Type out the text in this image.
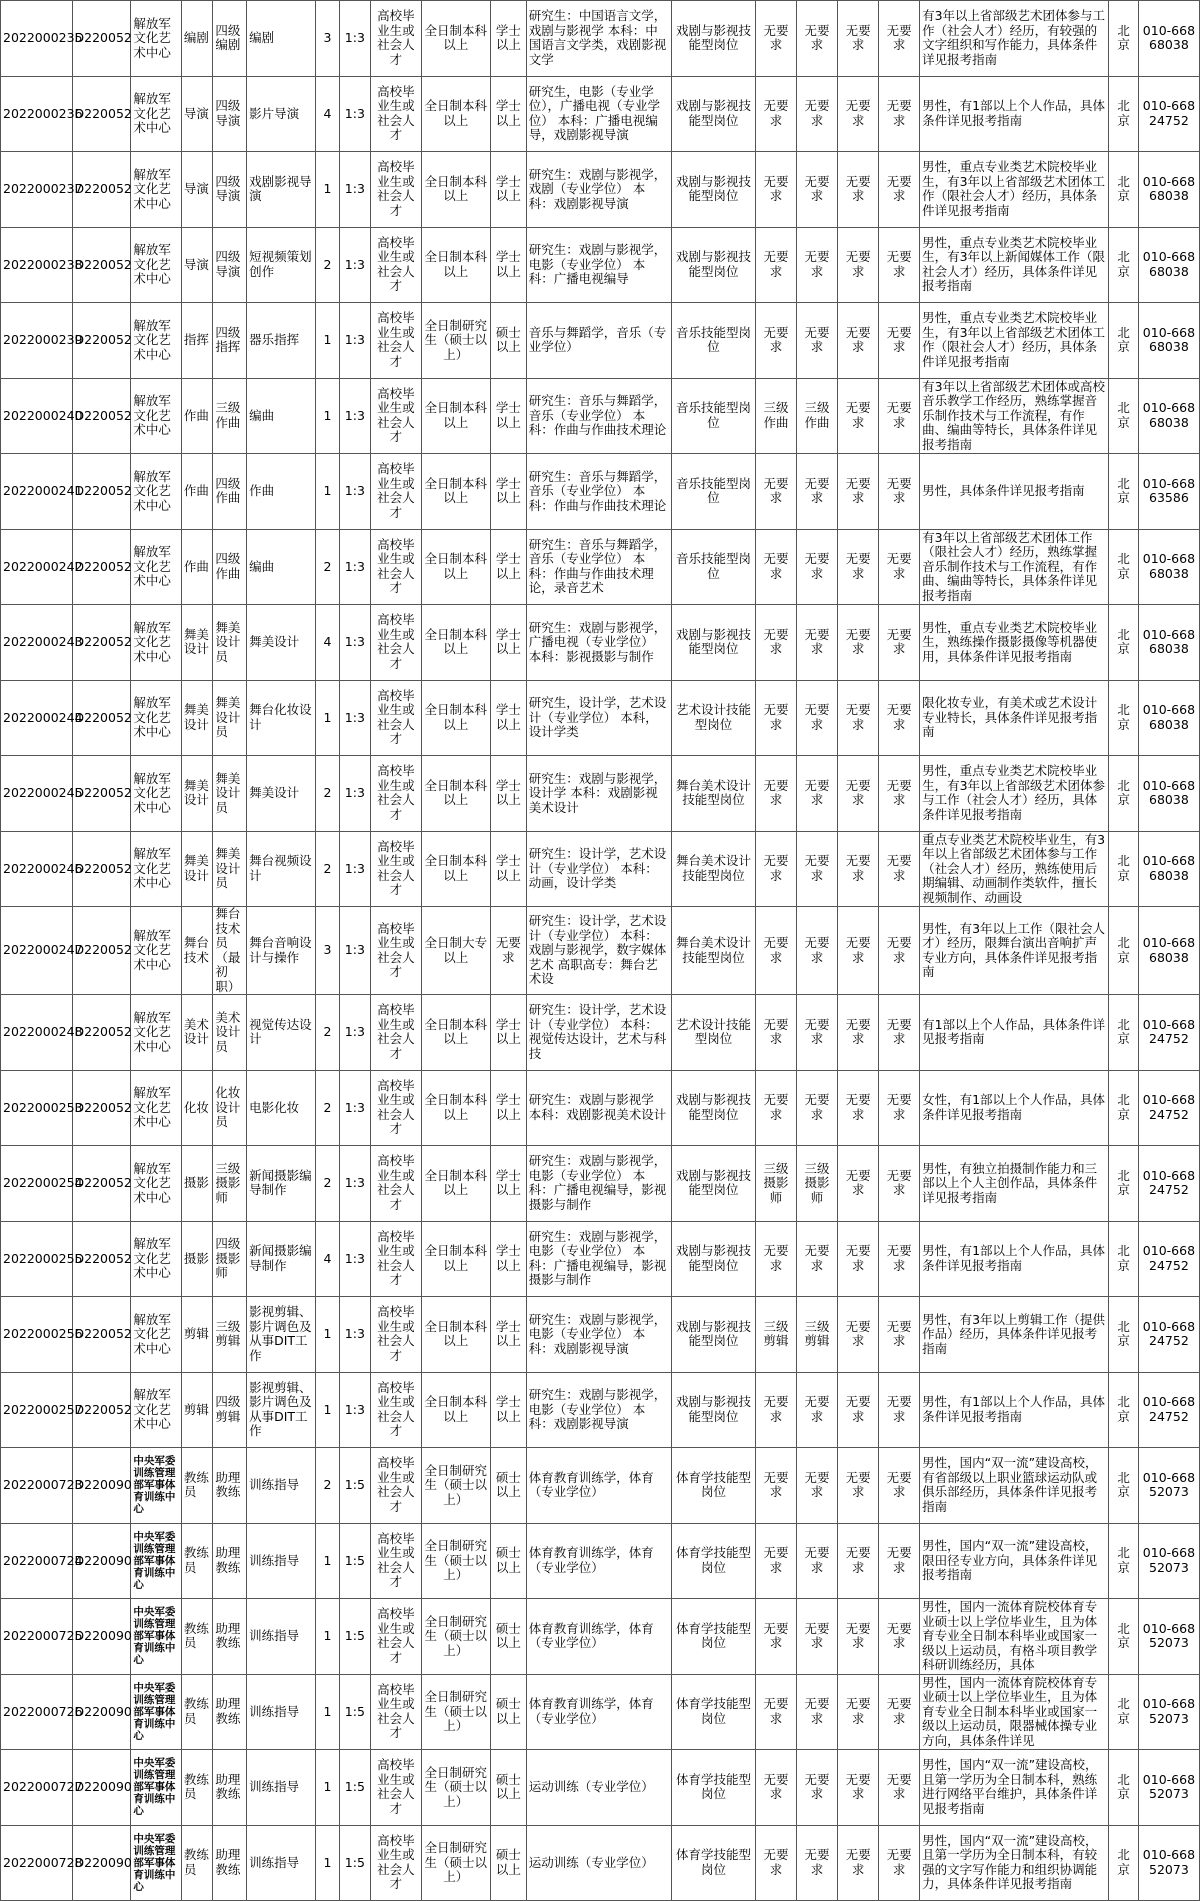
2022000235	D220052	解放军文化艺术中心	编剧	四级编剧	编剧	3	1:3	高校毕业生或社会人才	全日制本科以上	学士以上	研究生：中国语言文学，戏剧与影视学 本科：中国语言文学类，戏剧影视文学	戏剧与影视技能型岗位	无要求	无要求	无要求	无要求	有3年以上省部级艺术团体参与工作（社会人才）经历，有较强的文字组织和写作能力，具体条件详见报考指南	北京	010-66868038
2022000236	D220052	解放军文化艺术中心	导演	四级导演	影片导演	4	1:3	高校毕业生或社会人才	全日制本科以上	学士以上	研究生，电影（专业学位），广播电视（专业学位） 本科：广播电视编导，戏剧影视导演	戏剧与影视技能型岗位	无要求	无要求	无要求	无要求	男性，有1部以上个人作品，具体条件详见报考指南	北京	010-66824752
2022000237	D220052	解放军文化艺术中心	导演	四级导演	戏剧影视导演	1	1:3	高校毕业生或社会人才	全日制本科以上	学士以上	研究生：戏剧与影视学，戏剧（专业学位） 本科：戏剧影视导演	戏剧与影视技能型岗位	无要求	无要求	无要求	无要求	男性，重点专业类艺术院校毕业生，有3年以上省部级艺术团体工作（限社会人才）经历，具体条件详见报考指南	北京	010-66868038
2022000238	D220052	解放军文化艺术中心	导演	四级导演	短视频策划创作	2	1:3	高校毕业生或社会人才	全日制本科以上	学士以上	研究生：戏剧与影视学，电影（专业学位） 本科：广播电视编导	戏剧与影视技能型岗位	无要求	无要求	无要求	无要求	男性，重点专业类艺术院校毕业生，有3年以上新闻媒体工作（限社会人才）经历，具体条件详见报考指南	北京	010-66868038
2022000239	D220052	解放军文化艺术中心	指挥	四级指挥	器乐指挥	1	1:3	高校毕业生或社会人才	全日制研究生（硕士以上）	硕士以上	音乐与舞蹈学，音乐（专业学位）	音乐技能型岗位	无要求	无要求	无要求	无要求	男性，重点专业类艺术院校毕业生，有3年以上省部级艺术团体工作（限社会人才）经历，具体条件详见报考指南	北京	010-66868038
2022000240	D220052	解放军文化艺术中心	作曲	三级作曲	编曲	1	1:3	高校毕业生或社会人才	全日制本科以上	学士以上	研究生：音乐与舞蹈学，音乐（专业学位） 本科：作曲与作曲技术理论	音乐技能型岗位	三级作曲	三级作曲	无要求	无要求	有3年以上省部级艺术团体或高校音乐教学工作经历，熟练掌握音乐制作技术与工作流程，有作曲、编曲等特长，具体条件详见报考指南	北京	010-66868038
2022000241	D220052	解放军文化艺术中心	作曲	四级作曲	作曲	1	1:3	高校毕业生或社会人才	全日制本科以上	学士以上	研究生：音乐与舞蹈学，音乐（专业学位） 本科：作曲与作曲技术理论	音乐技能型岗位	无要求	无要求	无要求	无要求	男性，具体条件详见报考指南	北京	010-66863586
2022000242	D220052	解放军文化艺术中心	作曲	四级作曲	编曲	2	1:3	高校毕业生或社会人才	全日制本科以上	学士以上	研究生：音乐与舞蹈学，音乐（专业学位） 本科：作曲与作曲技术理论，录音艺术	音乐技能型岗位	无要求	无要求	无要求	无要求	有3年以上省部级艺术团体工作（限社会人才）经历，熟练掌握音乐制作技术与工作流程，有作曲、编曲等特长，具体条件详见报考指南	北京	010-66868038
2022000243	D220052	解放军文化艺术中心	舞美设计	舞美设计员	舞美设计	4	1:3	高校毕业生或社会人才	全日制本科以上	学士以上	研究生：戏剧与影视学，广播电视（专业学位） 本科：影视摄影与制作	戏剧与影视技能型岗位	无要求	无要求	无要求	无要求	男性，重点专业类艺术院校毕业生，熟练操作摄影摄像等机器使用，具体条件详见报考指南	北京	010-66868038
2022000244	D220052	解放军文化艺术中心	舞美设计	舞美设计员	舞台化妆设计	1	1:3	高校毕业生或社会人才	全日制本科以上	学士以上	研究生，设计学，艺术设计（专业学位） 本科，设计学类	艺术设计技能型岗位	无要求	无要求	无要求	无要求	限化妆专业，有美术或艺术设计专业特长，具体条件详见报考指南	北京	010-66868038
2022000245	D220052	解放军文化艺术中心	舞美设计	舞美设计员	舞美设计	2	1:3	高校毕业生或社会人才	全日制本科以上	学士以上	研究生：戏剧与影视学，设计学 本科：戏剧影视美术设计	舞台美术设计技能型岗位	无要求	无要求	无要求	无要求	男性，重点专业类艺术院校毕业生，有3年以上省部级艺术团体参与工作（社会人才）经历，具体条件详见报考指南	北京	010-66868038
2022000246	D220052	解放军文化艺术中心	舞美设计	舞美设计员	舞台视频设计	2	1:3	高校毕业生或社会人才	全日制本科以上	学士以上	研究生：设计学，艺术设计（专业学位） 本科：动画，设计学类	舞台美术设计技能型岗位	无要求	无要求	无要求	无要求	重点专业类艺术院校毕业生，有3年以上省部级艺术团体参与工作（社会人才）经历，熟练使用后期编辑、动画制作类软件，擅长视频制作、动画设	北京	010-66868038
2022000247	D220052	解放军文化艺术中心	舞台技术	舞台技术员（最初职）	舞台音响设计与操作	3	1:3	高校毕业生或社会人才	全日制大专以上	无要求	研究生：设计学，艺术设计（专业学位） 本科：戏剧与影视学，数字媒体艺术 高职高专：舞台艺术设	舞台美术设计技能型岗位	无要求	无要求	无要求	无要求	男性，有3年以上工作（限社会人才）经历，限舞台演出音响扩声专业方向，具体条件详见报考指南	北京	010-66868038
2022000248	D220052	解放军文化艺术中心	美术设计	美术设计员	视觉传达设计	2	1:3	高校毕业生或社会人才	全日制本科以上	学士以上	研究生：设计学，艺术设计（专业学位） 本科：视觉传达设计，艺术与科技	艺术设计技能型岗位	无要求	无要求	无要求	无要求	有1部以上个人作品，具体条件详见报考指南	北京	010-66824752
2022000253	D220052	解放军文化艺术中心	化妆	化妆设计员	电影化妆	2	1:3	高校毕业生或社会人才	全日制本科以上	学士以上	研究生：戏剧与影视学 本科：戏剧影视美术设计	戏剧与影视技能型岗位	无要求	无要求	无要求	无要求	女性，有1部以上个人作品，具体条件详见报考指南	北京	010-66824752
2022000254	D220052	解放军文化艺术中心	摄影	三级摄影师	新闻摄影编导制作	2	1:3	高校毕业生或社会人才	全日制本科以上	学士以上	研究生：戏剧与影视学，电影（专业学位） 本科：广播电视编导，影视摄影与制作	戏剧与影视技能型岗位	三级摄影师	三级摄影师	无要求	无要求	男性，有独立拍摄制作能力和三部以上个人主创作品，具体条件详见报考指南	北京	010-66824752
2022000255	D220052	解放军文化艺术中心	摄影	四级摄影师	新闻摄影编导制作	4	1:3	高校毕业生或社会人才	全日制本科以上	学士以上	研究生：戏剧与影视学，电影（专业学位） 本科：广播电视编导，影视摄影与制作	戏剧与影视技能型岗位	无要求	无要求	无要求	无要求	男性，有1部以上个人作品，具体条件详见报考指南	北京	010-66824752
2022000256	D220052	解放军文化艺术中心	剪辑	三级剪辑	影视剪辑、影片调色及从事DIT工作	1	1:3	高校毕业生或社会人才	全日制本科以上	学士以上	研究生：戏剧与影视学，电影（专业学位） 本科：戏剧影视导演	戏剧与影视技能型岗位	三级剪辑	三级剪辑	无要求	无要求	男性，有3年以上剪辑工作（提供作品）经历，具体条件详见报考指南	北京	010-66824752
2022000257	D220052	解放军文化艺术中心	剪辑	四级剪辑	影视剪辑、影片调色及从事DIT工作	1	1:3	高校毕业生或社会人才	全日制本科以上	学士以上	研究生：戏剧与影视学，电影（专业学位） 本科：戏剧影视导演	戏剧与影视技能型岗位	无要求	无要求	无要求	无要求	男性，有1部以上个人作品，具体条件详见报考指南	北京	010-66824752
2022000723	D220090	中央军委训练管理部军事体育训练中心	教练员	助理教练	训练指导	2	1:5	高校毕业生或社会人才	全日制研究生（硕士以上）	硕士以上	体育教育训练学，体育（专业学位）	体育学技能型岗位	无要求	无要求	无要求	无要求	男性，国内“双一流”建设高校，有省部级以上职业篮球运动队或俱乐部经历，具体条件详见报考指南	北京	010-66852073
2022000724	D220090	中央军委训练管理部军事体育训练中心	教练员	助理教练	训练指导	1	1:5	高校毕业生或社会人才	全日制研究生（硕士以上）	硕士以上	体育教育训练学，体育（专业学位）	体育学技能型岗位	无要求	无要求	无要求	无要求	男性，国内“双一流”建设高校，限田径专业方向，具体条件详见报考指南	北京	010-66852073
2022000725	D220090	中央军委训练管理部军事体育训练中心	教练员	助理教练	训练指导	1	1:5	高校毕业生或社会人才	全日制研究生（硕士以上）	硕士以上	体育教育训练学，体育（专业学位）	体育学技能型岗位	无要求	无要求	无要求	无要求	男性，国内一流体育院校体育专业硕士以上学位毕业生，且为体育专业全日制本科毕业或国家一级以上运动员，有格斗项目教学科研训练经历，具体	北京	010-66852073
2022000726	D220090	中央军委训练管理部军事体育训练中心	教练员	助理教练	训练指导	1	1:5	高校毕业生或社会人才	全日制研究生（硕士以上）	硕士以上	体育教育训练学，体育（专业学位）	体育学技能型岗位	无要求	无要求	无要求	无要求	男性，国内一流体育院校体育专业硕士以上学位毕业生，且为体育专业全日制本科毕业或国家一级以上运动员，限器械体操专业方向，具体条件详见	北京	010-66852073
2022000727	D220090	中央军委训练管理部军事体育训练中心	教练员	助理教练	训练指导	1	1:5	高校毕业生或社会人才	全日制研究生（硕士以上）	硕士以上	运动训练（专业学位）	体育学技能型岗位	无要求	无要求	无要求	无要求	男性，国内“双一流”建设高校，且第一学历为全日制本科，熟练进行网络平台维护，具体条件详见报考指南	北京	010-66852073
2022000728	D220090	中央军委训练管理部军事体育训练中心	教练员	助理教练	训练指导	1	1:5	高校毕业生或社会人才	全日制研究生（硕士以上）	硕士以上	运动训练（专业学位）	体育学技能型岗位	无要求	无要求	无要求	无要求	男性，国内“双一流”建设高校，且第一学历为全日制本科，有较强的文字写作能力和组织协调能力，具体条件详见报考指南	北京	010-66852073
